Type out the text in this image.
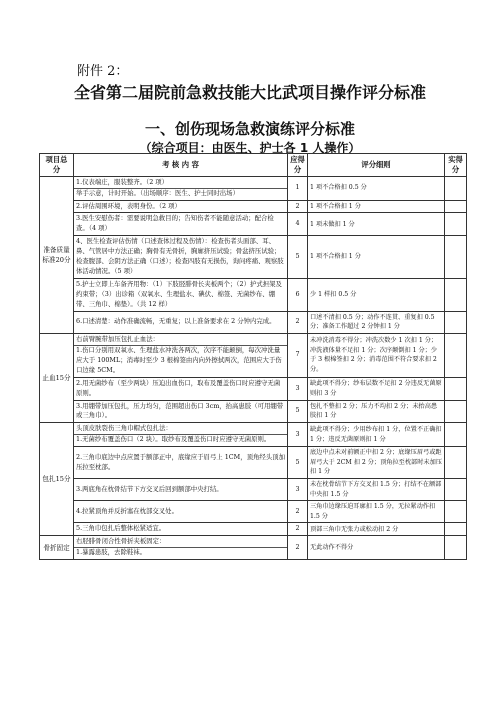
附件 2：
全省第二届院前急救技能大比武项目操作评分标准
一、创伤现场急救演练评分标准
（综合项目：由医生、护士各 1 人操作）
项目总分	考 核 内 容	应得分	评分细则	实得分
准备质量标准20分	1.仪表端庄，服装整齐。（2 项）
举手示意，计时开始。（出场顺序：医生、护士同时出场）	1	1 项不合格扣 0.5 分	

	2.评估周围环境，表明身份。（2 项）	2	1 项不合格扣 1 分	

	3.医生安慰伤者：需要说明急救目的；告知伤者不能随意活动；配合检查。（4 项）	4	1 项未做扣 1 分	

	4、医生检查评估伤情（口述查体过程及伤情）：检查伤者头面部、耳、鼻、气管居中方法正确；胸骨有无骨折，胸廓挤压试验；骨盆挤压试验；检查腹部、会阴方法正确（口述）；检查四肢有无损伤，询问疼痛、观察肢体活动情况。（5 项）	5	1 项不合格扣 1 分	

	5.护士立即上车备齐用物：（1）下肢胫腓骨长夹板两个；（2）护式担架及约束带；（3）出诊箱（双氧水、生理盐水、碘伏、棉签、无菌纱布、绷带、三角巾、棉垫）。（共 12 样）	6	少 1 样扣 0.5 分	

	6.口述清楚：动作准确流畅，无重复；以上准备要求在 2 分钟内完成。	2	口述不清扣 0.5 分；动作不连贯、重复扣 0.5 分；准备工作超过 2 分钟扣 1 分	

止血15分	右前臂腕带加压包扎止血法：
1.伤口分别用双氧水、生理盐水冲洗各两次，次序不能颠倒，每次冲洗量应大于 100ML；消毒时至少 3 根棉签由内向外擦拭两次，范围应大于伤口边缘 5CM。	7	未冲洗消毒不得分；冲洗次数少 1 次扣 1 分；冲洗液体量不足扣 1 分；次序颠倒扣 1 分；少于 3 根棉签扣 2 分；消毒范围不符合要求扣 2 分。	

	2.用无菌纱布（至少两块）压迫出血伤口，取布及覆盖伤口时应遵守无菌原则。	3	缺此项不得分；纱布层数不足扣 2 分违反无菌原则扣 3 分	

	3.用绷带加压包扎，压力均匀，范围超出伤口 3cm，抬高患肢（可用绷带或三角巾）。	5	包扎不整扣 2 分；压力不均扣 2 分；未抬高患肢扣 1 分	

包扎15分	头顶皮肤裂伤三角巾帽式包扎法：
1.无菌纱布覆盖伤口（2 块）。取纱布及覆盖伤口时应遵守无菌原则。	3	缺此项不得分；少用纱布扣 1 分，位置不正确扣 1 分；违反无菌原则扣 1 分	

	2.三角巾底边中点应置于额部正中，底缘应于眉弓上 1CM，顶角经头顶加压拉至枕部。	5	底边中点未对前额正中扣 2 分；底缘压眉弓或距眉弓大于 2CM 扣 2 分；顶角拉至枕部时未加压扣 1 分	

	3.两底角在枕骨结节下方交叉后回到额部中央打结。	3	未在枕骨结节下方交叉扣 1.5 分；打结不在额部中央扣 1.5 分	

	4.拉紧顶角并反折塞在枕部交叉处。	2	三角巾边缘压迫耳廓扣 1.5 分，无拉紧动作扣 1.5 分	

	5.三角巾包扎后整体松紧适宜。	2	顶部三角巾无张力或松动扣 2 分	

骨折固定	右胫腓骨闭合性骨折夹板固定：
1.暴露患肢，去除鞋袜。	2	无此动作不得分	
